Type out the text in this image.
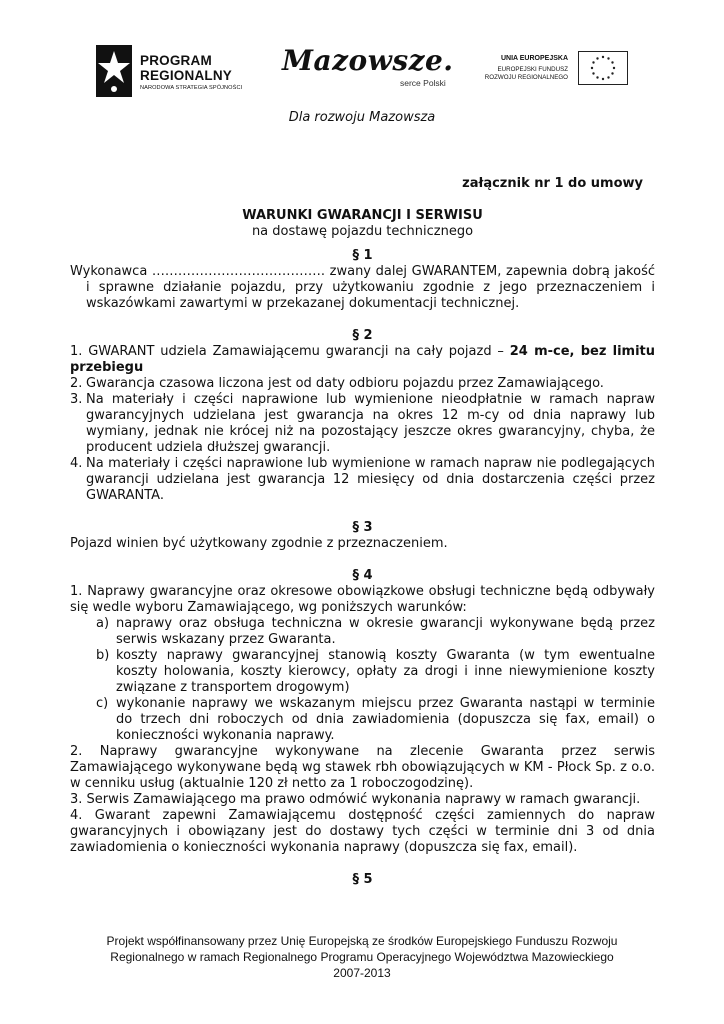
PROGRAM
REGIONALNY
NARODOWA STRATEGIA SPÓJNOŚCI
Mazowsze.
serce Polski
UNIA EUROPEJSKA
EUROPEJSKI FUNDUSZ
ROZWOJU REGIONALNEGO
Dla rozwoju Mazowsza
załącznik nr 1 do umowy

WARUNKI GWARANCJI I SERWISU

na dostawę pojazdu technicznego

§ 1

Wykonawca …………………………………. zwany dalej GWARANTEM, zapewnia dobrą jakość i sprawne działanie pojazdu, przy użytkowaniu zgodnie z jego przeznaczeniem i wskazówkami zawartymi w przekazanej dokumentacji technicznej.

§ 2

1. GWARANT udziela Zamawiającemu gwarancji na cały pojazd – 24 m-ce, bez limitu przebiegu

2. Gwarancja czasowa liczona jest od daty odbioru pojazdu przez Zamawiającego.
3. Na materiały i części naprawione lub wymienione nieodpłatnie w ramach napraw gwarancyjnych udzielana jest gwarancja na okres 12 m-cy od dnia naprawy lub wymiany, jednak nie krócej niż na pozostający jeszcze okres gwarancyjny, chyba, że producent udziela dłuższej gwarancji.
4. Na materiały i części naprawione lub wymienione w ramach napraw nie podlegających gwarancji udzielana jest gwarancja 12 miesięcy od dnia dostarczenia części przez GWARANTA.

§ 3

Pojazd winien być użytkowany zgodnie z przeznaczeniem.

§ 4

1. Naprawy gwarancyjne oraz okresowe obowiązkowe obsługi techniczne będą odbywały się wedle wyboru Zamawiającego, wg poniższych warunków:

a) naprawy oraz obsługa techniczna w okresie gwarancji wykonywane będą przez serwis wskazany przez Gwaranta.
b) koszty naprawy gwarancyjnej stanowią koszty Gwaranta (w tym ewentualne koszty holowania, koszty kierowcy, opłaty za drogi i inne niewymienione koszty związane z transportem drogowym)
c) wykonanie naprawy we wskazanym miejscu przez Gwaranta nastąpi w terminie do trzech dni roboczych od dnia zawiadomienia (dopuszcza się fax, email) o konieczności wykonania naprawy.

2. Naprawy gwarancyjne wykonywane na zlecenie Gwaranta przez serwis Zamawiającego wykonywane będą wg stawek rbh obowiązujących w KM - Płock Sp. z o.o. w cenniku usług (aktualnie 120 zł netto za 1 roboczogodzinę).

3. Serwis Zamawiającego ma prawo odmówić wykonania naprawy w ramach gwarancji.

4. Gwarant zapewni Zamawiającemu dostępność części zamiennych do napraw gwarancyjnych i obowiązany jest do dostawy tych części w terminie dni 3 od dnia zawiadomienia o konieczności wykonania naprawy (dopuszcza się fax, email).

§ 5

Projekt współfinansowany przez Unię Europejską ze środków Europejskiego Funduszu Rozwoju
Regionalnego w ramach Regionalnego Programu Operacyjnego Województwa Mazowieckiego
2007-2013
